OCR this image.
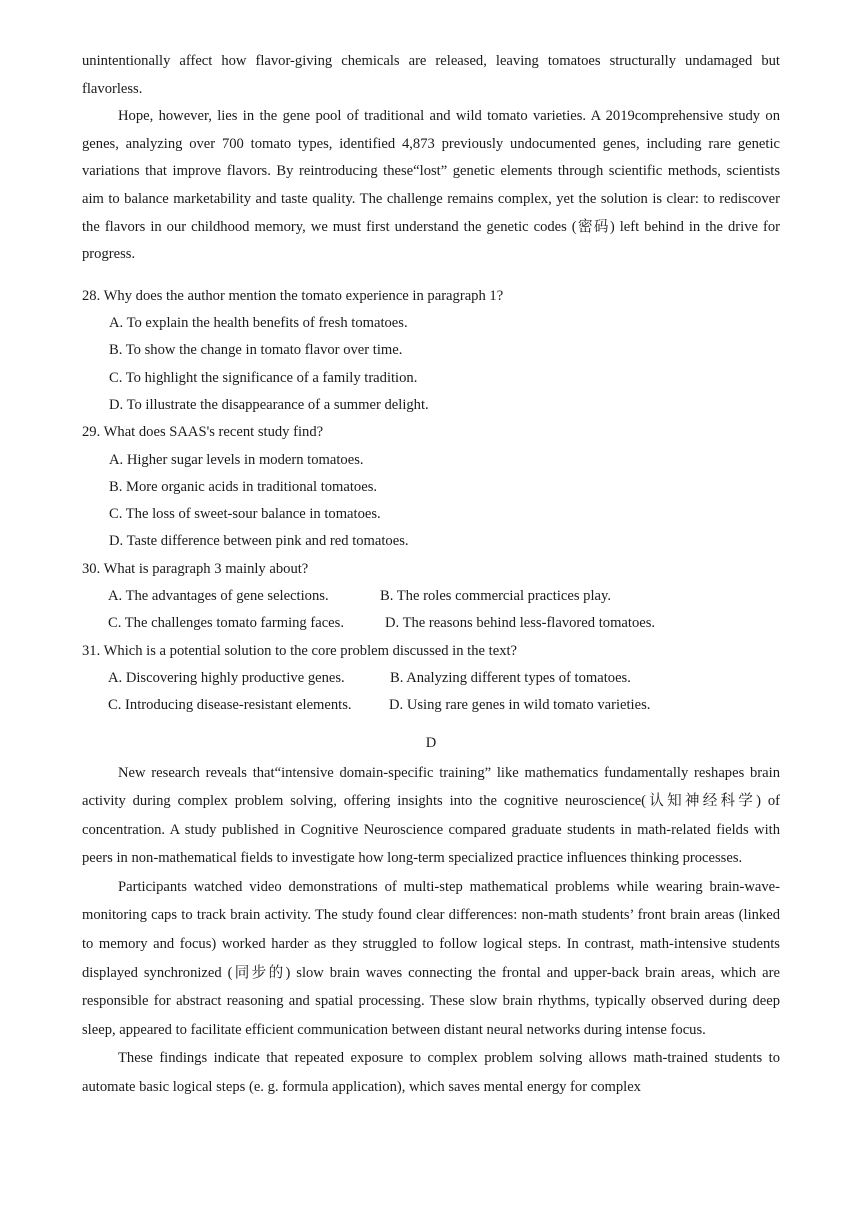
unintentionally affect how flavor-giving chemicals are released, leaving tomatoes structurally undamaged but flavorless.

Hope, however, lies in the gene pool of traditional and wild tomato varieties. A 2019comprehensive study on genes, analyzing over 700 tomato types, identified 4,873 previously undocumented genes, including rare genetic variations that improve flavors. By reintroducing these“lost” genetic elements through scientific methods, scientists aim to balance marketability and taste quality. The challenge remains complex, yet the solution is clear: to rediscover the flavors in our childhood memory, we must first understand the genetic codes (密码) left behind in the drive for progress.

28. Why does the author mention the tomato experience in paragraph 1?

A. To explain the health benefits of fresh tomatoes.

B. To show the change in tomato flavor over time.

C. To highlight the significance of a family tradition.

D. To illustrate the disappearance of a summer delight.

29. What does SAAS's recent study find?

A. Higher sugar levels in modern tomatoes.

B. More organic acids in traditional tomatoes.

C. The loss of sweet-sour balance in tomatoes.

D. Taste difference between pink and red tomatoes.

30. What is paragraph 3 mainly about?

A. The advantages of gene selections.	B. The roles commercial practices play.
C. The challenges tomato farming faces.	D. The reasons behind less-flavored tomatoes.

31. Which is a potential solution to the core problem discussed in the text?

A. Discovering highly productive genes.	B. Analyzing different types of tomatoes.
C. Introducing disease-resistant elements.	D. Using rare genes in wild tomato varieties.

D

New research reveals that“intensive domain-specific training” like mathematics fundamentally reshapes brain activity during complex problem solving, offering insights into the cognitive neuroscience(认知神经科学) of concentration. A study published in Cognitive Neuroscience compared graduate students in math-related fields with peers in non-mathematical fields to investigate how long-term specialized practice influences thinking processes.

Participants watched video demonstrations of multi-step mathematical problems while wearing brain-wave-monitoring caps to track brain activity. The study found clear differences: non-math students’ front brain areas (linked to memory and focus) worked harder as they struggled to follow logical steps. In contrast, math-intensive students displayed synchronized (同步的) slow brain waves connecting the frontal and upper-back brain areas, which are responsible for abstract reasoning and spatial processing. These slow brain rhythms, typically observed during deep sleep, appeared to facilitate efficient communication between distant neural networks during intense focus.

These findings indicate that repeated exposure to complex problem solving allows math-trained students to automate basic logical steps (e. g. formula application), which saves mental energy for complex
